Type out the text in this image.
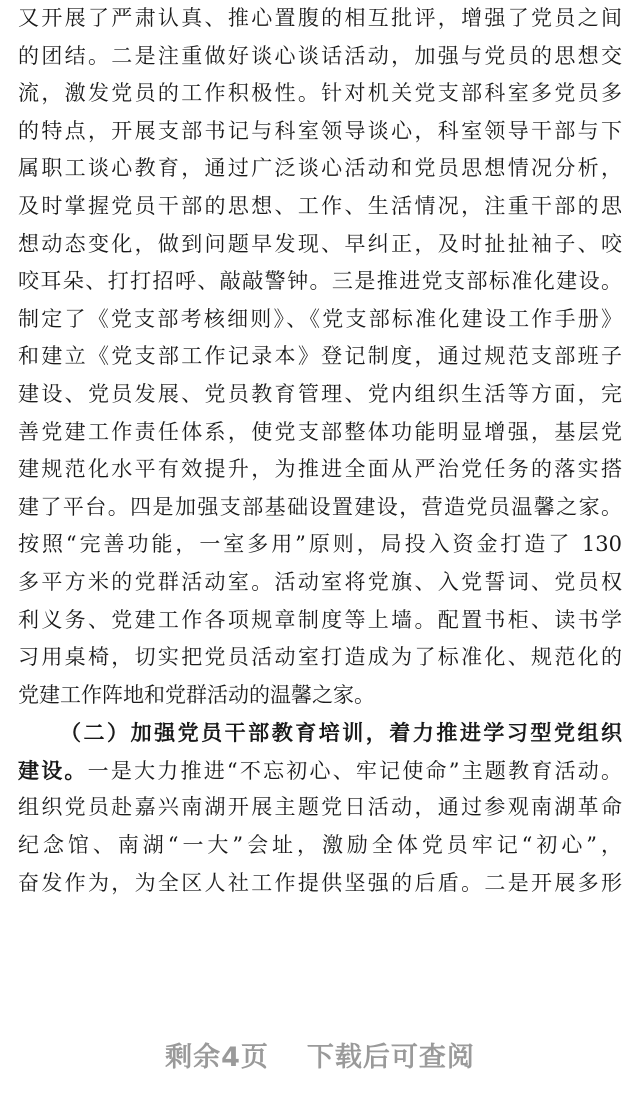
又开展了严肃认真、推心置腹的相互批评，增强了党员之间
的团结。二是注重做好谈心谈话活动，加强与党员的思想交
流，激发党员的工作积极性。针对机关党支部科室多党员多
的特点，开展支部书记与科室领导谈心，科室领导干部与下
属职工谈心教育，通过广泛谈心活动和党员思想情况分析，
及时掌握党员干部的思想、工作、生活情况，注重干部的思
想动态变化，做到问题早发现、早纠正，及时扯扯袖子、咬
咬耳朵、打打招呼、敲敲警钟。三是推进党支部标准化建设。
制定了《党支部考核细则》、《党支部标准化建设工作手册》
和建立《党支部工作记录本》登记制度，通过规范支部班子
建设、党员发展、党员教育管理、党内组织生活等方面，完
善党建工作责任体系，使党支部整体功能明显增强，基层党
建规范化水平有效提升，为推进全面从严治党任务的落实搭
建了平台。四是加强支部基础设置建设，营造党员温馨之家。
按照“完善功能，一室多用”原则，局投入资金打造了 130
多平方米的党群活动室。活动室将党旗、入党誓词、党员权
利义务、党建工作各项规章制度等上墙。配置书柜、读书学
习用桌椅，切实把党员活动室打造成为了标准化、规范化的
党建工作阵地和党群活动的温馨之家。
（二）加强党员干部教育培训，着力推进学习型党组织
建设。一是大力推进“不忘初心、牢记使命”主题教育活动。
组织党员赴嘉兴南湖开展主题党日活动，通过参观南湖革命
纪念馆、南湖“一大”会址，激励全体党员牢记“初心”，
奋发作为，为全区人社工作提供坚强的后盾。二是开展多形
剩余4页 下载后可查阅
